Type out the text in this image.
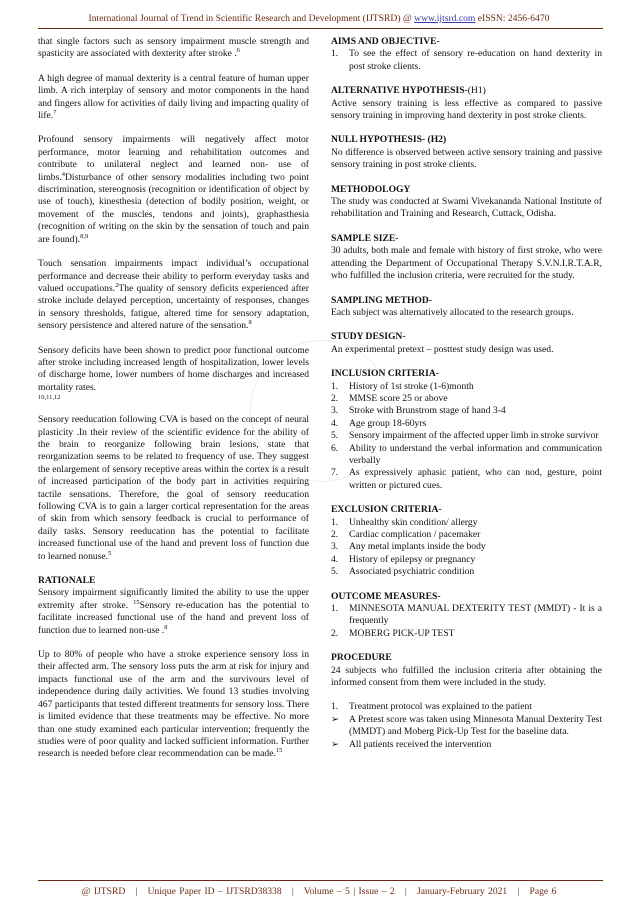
International Journal of Trend in Scientific Research and Development (IJTSRD) @ www.ijtsrd.com eISSN: 2456-6470

that single factors such as sensory impairment muscle strength and spasticity are associated with dexterity after stroke .$^6$

A high degree of manual dexterity is a central feature of human upper limb. A rich interplay of sensory and motor components in the hand and fingers allow for activities of daily living and impacting quality of life.$^7$

Profound sensory impairments will negatively affect motor performance, motor learning and rehabilitation outcomes and contribute to unilateral neglect and learned non- use of limbs.$^4$Disturbance of other sensory modalities including two point discrimination, stereognosis (recognition or identification of object by use of touch), kinesthesia (detection of bodily position, weight, or movement of the muscles, tendons and joints), graphasthesia (recognition of writing on the skin by the sensation of touch and pain are found).$^{8,9}$

Touch sensation impairments impact individual’s occupational performance and decrease their ability to perform everyday tasks and valued occupations.$^2$The quality of sensory deficits experienced after stroke include delayed perception, uncertainty of responses, changes in sensory thresholds, fatigue, altered time for sensory adaptation, sensory persistence and altered nature of the sensation.$^8$

Sensory deficits have been shown to predict poor functional outcome after stroke including increased length of hospitalization, lower levels of discharge home, lower numbers of home discharges and increased mortality rates.
10,11,12

Sensory reeducation following CVA is based on the concept of neural plasticity .In their review of the scientific evidence for the ability of the brain to reorganize following brain lesions, state that reorganization seems to be related to frequency of use. They suggest the enlargement of sensory receptive areas within the cortex is a result of increased participation of the body part in activities requiring tactile sensations. Therefore, the goal of sensory reeducation following CVA is to gain a larger cortical representation for the areas of skin from which sensory feedback is crucial to performance of daily tasks. Sensory reeducation has the potential to facilitate increased functional use of the hand and prevent loss of function due to learned nonuse.$^5$

RATIONALE

Sensory impairment significantly limited the ability to use the upper extremity after stroke. $^{15}$Sensory re-education has the potential to facilitate increased functional use of the hand and prevent loss of function due to learned non-use .$^8$

Up to 80% of people who have a stroke experience sensory loss in their affected arm. The sensory loss puts the arm at risk for injury and impacts functional use of the arm and the survivours level of independence during daily activities. We found 13 studies involving 467 participants that tested different treatments for sensory loss. There is limited evidence that these treatments may be effective. No more than one study examined each particular intervention; frequently the studies were of poor quality and lacked sufficient information. Further research is needed before clear recommendation can be made.$^{15}$

AIMS AND OBJECTIVE-
1.	To see the effect of sensory re-education on hand dexterity in post stroke clients.
ALTERNATIVE HYPOTHESIS-(H1)

Active sensory training is less effective as compared to passive sensory training in improving hand dexterity in post stroke clients.

NULL HYPOTHESIS- (H2)

No difference is observed between active sensory training and passive sensory training in post stroke clients.

METHODOLOGY

The study was conducted at Swami Vivekananda National Institute of rehabilitation and Training and Research, Cuttack, Odisha.

SAMPLE SIZE-

30 adults, both male and female with history of first stroke, who were attending the Department of Occupational Therapy S.V.N.I.R.T.A.R, who fulfilled the inclusion criteria, were recruited for the study.

SAMPLING METHOD-

Each subject was alternatively allocated to the research groups.

STUDY DESIGN-

An experimental pretext – posttest study design was used.

INCLUSION CRITERIA-
1.	History of 1st stroke (1-6)month
2.	MMSE score 25 or above
3.	Stroke with Brunstrom stage of hand 3-4
4.	Age group 18-60yrs
5.	Sensory impairment of the affected upper limb in stroke survivor
6.	Ability to understand the verbal information and communication verbally
7.	As expressively aphasic patient, who can nod, gesture, point written or pictured cues.
EXCLUSION CRITERIA-
1.	Unhealthy skin condition/ allergy
2.	Cardiac complication / pacemaker
3.	Any metal implants inside the body
4.	History of epilepsy or pregnancy
5.	Associated psychiatric condition
OUTCOME MEASURES-
1.	MINNESOTA MANUAL DEXTERITY TEST (MMDT) - It is a frequently
2.	MOBERG PICK-UP TEST
PROCEDURE

24 subjects who fulfilled the inclusion criteria after obtaining the informed consent from them were included in the study.

1.	Treatment protocol was explained to the patient
➢	A Pretest score was taken using Minnesota Manual Dexterity Test (MMDT) and Moberg Pick-Up Test for the baseline data.
➢	All patients received the intervention
@ IJTSRD   |   Unique Paper ID – IJTSRD38338   |   Volume – 5 | Issue – 2   |   January-February 2021   |   Page 6
